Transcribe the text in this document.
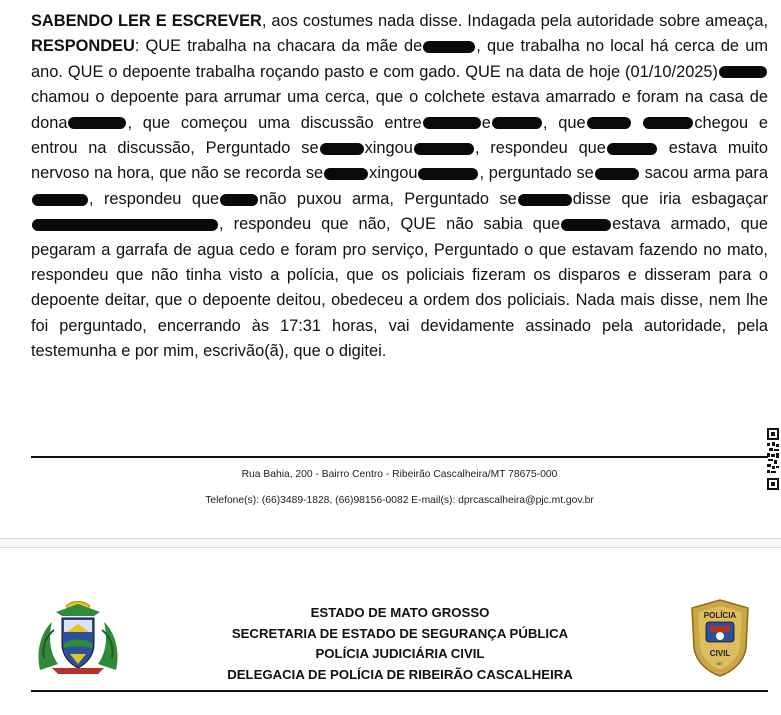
SABENDO LER E ESCREVER, aos costumes nada disse. Indagada pela autoridade sobre ameaça, RESPONDEU: QUE trabalha na chacara da mãe de	, que trabalha no local há cerca de um ano. QUE o depoente trabalha roçando pasto e com gado. QUE na data de hoje (01/10/2025)chamou o depoente para arrumar uma cerca, que o colchete estava amarrado e foram na casa de dona	, que começou uma discussão entre	e	, que	chegou e entrou na discussão, Perguntado se	xingou	, respondeu que	estava muito nervoso na hora, que não se recorda se	xingou	, perguntado se	sacou arma para, respondeu que não puxou arma, Perguntado se	disse que iria esbagaçar, respondeu que não, QUE não sabia que	estava armado, que pegaram a garrafa de agua cedo e foram pro serviço, Perguntado o que estavam fazendo no mato, respondeu que não tinha visto a polícia, que os policiais fizeram os disparos e disseram para o depoente deitar, que o depoente deitou, obedeceu a ordem dos policiais. Nada mais disse, nem lhe foi perguntado, encerrando às 17:31 horas, vai devidamente assinado pela autoridade, pela testemunha e por mim, escrivão(ã), que o digitei.
Rua Bahia, 200 - Bairro Centro - Ribeirão Cascalheira/MT 78675-000
Telefone(s): (66)3489-1828, (66)98156-0082 E-mail(s): dprcascalheira@pjc.mt.gov.br
ESTADO DE MATO GROSSO
SECRETARIA DE ESTADO DE SEGURANÇA PÚBLICA
POLÍCIA JUDICIÁRIA CIVIL
DELEGACIA DE POLÍCIA DE RIBEIRÃO CASCALHEIRA
POLÍCIA
CIVIL
MT
